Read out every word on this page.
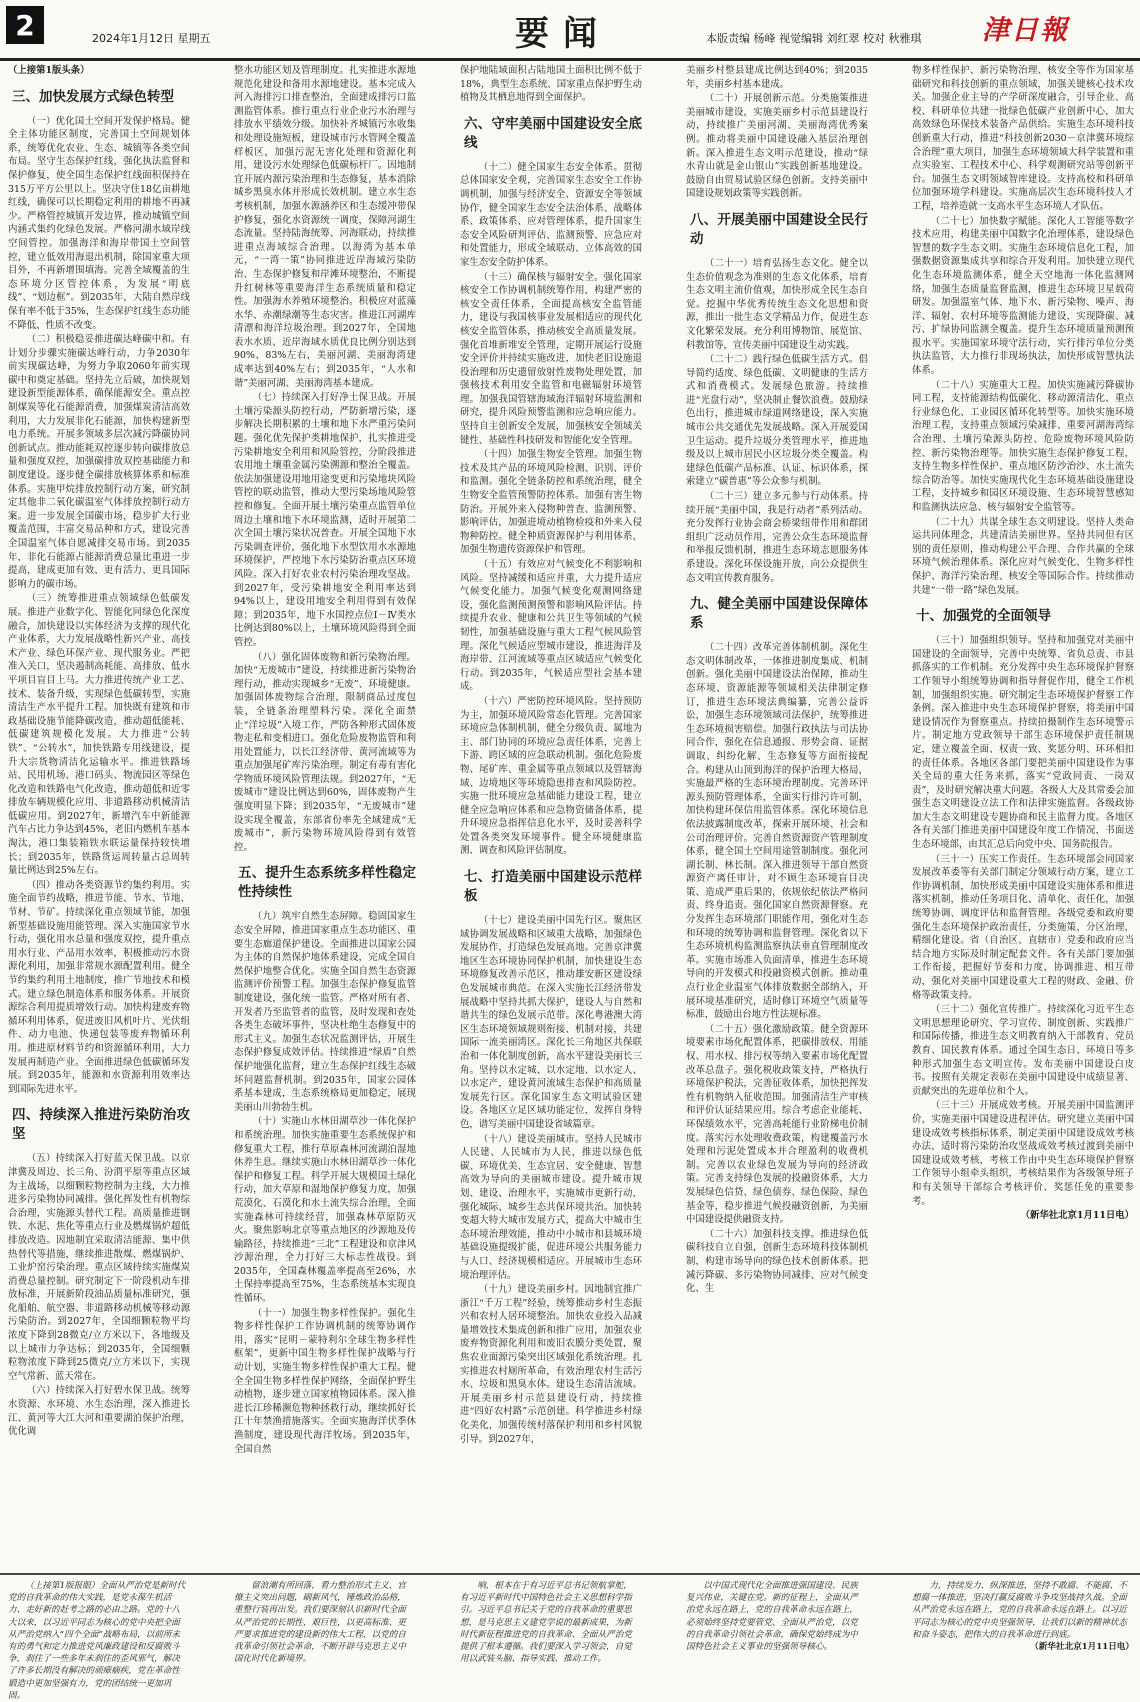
2	2024年1月12日 星期五	要闻	本版责编 杨峰 视觉编辑 刘红翠 校对 秋雅琪 津日報
（上接第1版头条）
三、加快发展方式绿色转型

（一）优化国土空间开发保护格局。健全主体功能区制度，完善国土空间规划体系，统筹优化农业、生态、城镇等各类空间布局。坚守生态保护红线，强化执法监督和保护修复，使全国生态保护红线面积保持在315万平方公里以上。坚决守住18亿亩耕地红线，确保可以长期稳定利用的耕地不再减少。严格管控城镇开发边界，推动城镇空间内涵式集约化绿色发展。严格河湖水域岸线空间管控。加强海洋和海岸带国土空间管控，建立低效用海退出机制，除国家重大项目外，不再新增围填海。完善全域覆盖的生态环境分区管控体系，为发展“明底线”、“划边框”。到2035年，大陆自然岸线保有率不低于35%，生态保护红线生态功能不降低、性质不改变。

（二）积极稳妥推进碳达峰碳中和。有计划分步骤实施碳达峰行动，力争2030年前实现碳达峰，为努力争取2060年前实现碳中和奠定基础。坚持先立后破，加快规划建设新型能源体系，确保能源安全。重点控制煤炭等化石能源消费，加强煤炭清洁高效利用，大力发展非化石能源，加快构建新型电力系统。开展多领域多层次减污降碳协同创新试点。推动能耗双控逐步转向碳排放总量和强度双控，加强碳排放双控基础能力和制度建设。逐步健全碳排放核算体系和标准体系。实施甲烷排放控制行动方案，研究制定其他非二氧化碳温室气体排放控制行动方案。进一步发展全国碳市场，稳步扩大行业覆盖范围，丰富交易品种和方式，建设完善全国温室气体自愿减排交易市场。到2035年，非化石能源占能源消费总量比重进一步提高，建成更加有效、更有活力、更具国际影响力的碳市场。

（三）统筹推进重点领域绿色低碳发展。推进产业数字化、智能化同绿色化深度融合，加快建设以实体经济为支撑的现代化产业体系，大力发展战略性新兴产业、高技术产业、绿色环保产业、现代服务业。严把准入关口，坚决遏制高耗能、高排放、低水平项目盲目上马。大力推进传统产业工艺、技术、装备升级，实现绿色低碳转型，实施清洁生产水平提升工程。加快既有建筑和市政基础设施节能降碳改造，推动超低能耗、低碳建筑规模化发展。大力推进“公转铁”、“公转水”，加快铁路专用线建设，提升大宗货物清洁化运输水平。推进铁路场站、民用机场、港口码头、物流园区等绿色化改造和铁路电气化改造，推动超低和近零排放车辆规模化应用、非道路移动机械清洁低碳应用。到2027年，新增汽车中新能源汽车占比力争达到45%，老旧内燃机车基本淘汰，港口集装箱铁水联运量保持较快增长；到2035年，铁路货运周转量占总周转量比例达到25%左右。

（四）推动各类资源节约集约利用。实施全面节约战略，推进节能、节水、节地、节材、节矿。持续深化重点领域节能，加强新型基础设施用能管理。深入实施国家节水行动，强化用水总量和强度双控，提升重点用水行业、产品用水效率，积极推动污水资源化利用，加强非常规水源配置利用。健全节约集约利用土地制度，推广节地技术和模式。建立绿色制造体系和服务体系。开展资源综合利用提质增效行动。加快构建废弃物循环利用体系，促进废旧风机叶片、光伏组件、动力电池、快递包装等废弃物循环利用。推进原材料节约和资源循环利用，大力发展再制造产业。全面推进绿色低碳循环发展。到2035年，能源和水资源利用效率达到国际先进水平。

四、持续深入推进污染防治攻坚

（五）持续深入打好蓝天保卫战。以京津冀及周边、长三角、汾渭平原等重点区域为主战场，以细颗粒物控制为主线，大力推进多污染物协同减排。强化挥发性有机物综合治理，实施源头替代工程。高质量推进钢铁、水泥、焦化等重点行业及燃煤锅炉超低排放改造。因地制宜采取清洁能源、集中供热替代等措施，继续推进散煤、燃煤锅炉、工业炉窑污染治理。重点区域持续实施煤炭消费总量控制。研究制定下一阶段机动车排放标准，开展新阶段油品质量标准研究，强化船舶、航空器、非道路移动机械等移动源污染防治。到2027年，全国细颗粒物平均浓度下降到28微克/立方米以下，各地级及以上城市力争达标；到2035年，全国细颗粒物浓度下降到25微克/立方米以下，实现空气常新、蓝天常在。

（六）持续深入打好碧水保卫战。统筹水资源、水环境、水生态治理，深入推进长江、黄河等大江大河和重要湖泊保护治理，优化调

整水功能区划及管理制度。扎实推进水源地规范化建设和备用水源地建设。基本完成入河入海排污口排查整治，全面建成排污口监测监管体系。推行重点行业企业污水治理与排放水平绩效分级。加快补齐城镇污水收集和处理设施短板，建设城市污水管网全覆盖样板区，加强污泥无害化处理和资源化利用，建设污水处理绿色低碳标杆厂。因地制宜开展内源污染治理和生态修复，基本消除城乡黑臭水体并形成长效机制。建立水生态考核机制，加强水源涵养区和生态缓冲带保护修复，强化水资源统一调度，保障河湖生态流量。坚持陆海统筹、河海联动，持续推进重点海域综合治理。以海湾为基本单元，“一湾一策”协同推进近岸海域污染防治、生态保护修复和岸滩环境整治，不断提升红树林等重要海洋生态系统质量和稳定性。加强海水养殖环境整治。积极应对蓝藻水华、赤潮绿潮等生态灾害。推进江河湖库清漂和海洋垃圾治理。到2027年，全国地表水水质、近岸海域水质优良比例分别达到90%、83%左右，美丽河湖、美丽海湾建成率达到40%左右；到2035年，“人水和谐”美丽河湖、美丽海湾基本建成。

（七）持续深入打好净土保卫战。开展土壤污染源头防控行动，严防新增污染，逐步解决长期积累的土壤和地下水严重污染问题。强化优先保护类耕地保护，扎实推进受污染耕地安全利用和风险管控，分阶段推进农用地土壤重金属污染溯源和整治全覆盖。依法加强建设用地用途变更和污染地块风险管控的联动监管，推动大型污染场地风险管控和修复。全面开展土壤污染重点监管单位周边土壤和地下水环境监测，适时开展第二次全国土壤污染状况普查。开展全国地下水污染调查评价，强化地下水型饮用水水源地环境保护，严控地下水污染防治重点区环境风险。深入打好农业农村污染治理攻坚战。到2027年，受污染耕地安全利用率达到94%以上，建设用地安全利用得到有效保障；到2035年，地下水国控点位Ⅰ－Ⅳ类水比例达到80%以上，土壤环境风险得到全面管控。

（八）强化固体废物和新污染物治理。加快“无废城市”建设，持续推进新污染物治理行动，推动实现城乡“无废”、环境健康。加强固体废物综合治理，限制商品过度包装，全链条治理塑料污染。深化全面禁止“洋垃圾”入境工作，严防各种形式固体废物走私和变相进口。强化危险废物监管和利用处置能力，以长江经济带、黄河流域等为重点加强尾矿库污染治理。制定有毒有害化学物质环境风险管理法规。到2027年，“无废城市”建设比例达到60%，固体废物产生强度明显下降；到2035年，“无废城市”建设实现全覆盖，东部省份率先全域建成“无废城市”，新污染物环境风险得到有效管控。

五、提升生态系统多样性稳定性持续性

（九）筑牢自然生态屏障。稳固国家生态安全屏障，推进国家重点生态功能区、重要生态廊道保护建设。全面推进以国家公园为主体的自然保护地体系建设，完成全国自然保护地整合优化。实施全国自然生态资源监测评价预警工程。加强生态保护修复监管制度建设，强化统一监管。严格对所有者、开发者乃至监管者的监管，及时发现和查处各类生态破坏事件，坚决杜绝生态修复中的形式主义。加强生态状况监测评估，开展生态保护修复成效评估。持续推进“绿盾”自然保护地强化监督，建立生态保护红线生态破坏问题监督机制。到2035年，国家公园体系基本建成，生态系统格局更加稳定，展现美丽山川勃勃生机。

（十）实施山水林田湖草沙一体化保护和系统治理。加快实施重要生态系统保护和修复重大工程，推行草原森林河流湖泊湿地休养生息。继续实施山水林田湖草沙一体化保护和修复工程。科学开展大规模国土绿化行动，加大草原和湿地保护修复力度，加强荒漠化、石漠化和水土流失综合治理，全面实施森林可持续经营，加强森林草原防灭火。聚焦影响北京等重点地区的沙源地及传输路径，持续推进“三北”工程建设和京津风沙源治理，全力打好三大标志性战役。到2035年，全国森林覆盖率提高至26%，水土保持率提高至75%，生态系统基本实现良性循环。

（十一）加强生物多样性保护。强化生物多样性保护工作协调机制的统筹协调作用，落实“昆明－蒙特利尔全球生物多样性框架”，更新中国生物多样性保护战略与行动计划，实施生物多样性保护重大工程。健全全国生物多样性保护网络，全面保护野生动植物，逐步建立国家植物园体系。深入推进长江珍稀濒危物种拯救行动，继续抓好长江十年禁渔措施落实。全面实施海洋伏季休渔制度，建设现代海洋牧场。到2035年，全国自然

保护地陆域面积占陆地国土面积比例不低于18%，典型生态系统、国家重点保护野生动植物及其栖息地得到全面保护。

六、守牢美丽中国建设安全底线

（十二）健全国家生态安全体系。贯彻总体国家安全观，完善国家生态安全工作协调机制，加强与经济安全、资源安全等领域协作，健全国家生态安全法治体系、战略体系、政策体系、应对管理体系，提升国家生态安全风险研判评估、监测预警、应急应对和处置能力，形成全域联动、立体高效的国家生态安全防护体系。

（十三）确保核与辐射安全。强化国家核安全工作协调机制统筹作用，构建严密的核安全责任体系，全面提高核安全监管能力，建设与我国核事业发展相适应的现代化核安全监管体系，推动核安全高质量发展。强化首堆新堆安全管理，定期开展运行设施安全评价并持续实施改进，加快老旧设施退役治理和历史遗留放射性废物处理处置，加强核技术利用安全监管和电磁辐射环境管理。加强我国管辖海域海洋辐射环境监测和研究，提升风险预警监测和应急响应能力。坚持自主创新安全发展，加强核安全领域关键性、基础性科技研发和智能化安全管理。

（十四）加强生物安全管理。加强生物技术及其产品的环境风险检测、识别、评价和监测。强化全链条防控和系统治理，健全生物安全监管预警防控体系。加强有害生物防治。开展外来入侵物种普查、监测预警、影响评估，加强进境动植物检疫和外来入侵物种防控。健全种质资源保护与利用体系，加强生物遗传资源保护和管理。

（十五）有效应对气候变化不利影响和风险。坚持减缓和适应并重，大力提升适应气候变化能力。加强气候变化观测网络建设，强化监测预测预警和影响风险评估。持续提升农业、健康和公共卫生等领域的气候韧性，加强基础设施与重大工程气候风险管理。深化气候适应型城市建设，推进海洋及海岸带、江河流域等重点区域适应气候变化行动。到2035年，气候适应型社会基本建成。

（十六）严密防控环境风险。坚持预防为主，加强环境风险常态化管理。完善国家环境应急体制机制，健全分级负责、属地为主、部门协同的环境应急责任体系，完善上下游、跨区域的应急联动机制。强化危险废物、尾矿库、重金属等重点领域以及管辖海域、边境地区等环境隐患排查和风险防控。实施一批环境应急基础能力建设工程，建立健全应急响应体系和应急物资储备体系，提升环境应急指挥信息化水平，及时妥善科学处置各类突发环境事件。健全环境健康监测、调查和风险评估制度。

七、打造美丽中国建设示范样板

（十七）建设美丽中国先行区。聚焦区域协调发展战略和区域重大战略，加强绿色发展协作，打造绿色发展高地。完善京津冀地区生态环境协同保护机制，加快建设生态环境修复改善示范区，推动雄安新区建设绿色发展城市典范。在深入实施长江经济带发展战略中坚持共抓大保护，建设人与自然和谐共生的绿色发展示范带。深化粤港澳大湾区生态环境领域规则衔接、机制对接，共建国际一流美丽湾区。深化长三角地区共保联治和一体化制度创新，高水平建设美丽长三角。坚持以水定城、以水定地、以水定人、以水定产，建设黄河流域生态保护和高质量发展先行区。深化国家生态文明试验区建设。各地区立足区域功能定位，发挥自身特色，谱写美丽中国建设省域篇章。

（十八）建设美丽城市。坚持人民城市人民建、人民城市为人民，推进以绿色低碳、环境优美、生态宜居、安全健康、智慧高效为导向的美丽城市建设。提升城市规划、建设、治理水平，实施城市更新行动，强化城际、城乡生态共保环境共治。加快转变超大特大城市发展方式，提高大中城市生态环境治理效能，推动中小城市和县城环境基础设施提级扩能，促进环境公共服务能力与人口、经济规模相适应。开展城市生态环境治理评估。

（十九）建设美丽乡村。因地制宜推广浙江“千万工程”经验，统筹推动乡村生态振兴和农村人居环境整治。加快农业投入品减量增效技术集成创新和推广应用，加强农业废弃物资源化利用和废旧农膜分类处置，聚焦农业面源污染突出区域强化系统治理。扎实推进农村厕所革命，有效治理农村生活污水、垃圾和黑臭水体。建设生态清洁流域。开展美丽乡村示范县建设行动，持续推进“四好农村路”示范创建。科学推进乡村绿化美化，加强传统村落保护利用和乡村风貌引导。到2027年，

美丽乡村整县建成比例达到40%；到2035年，美丽乡村基本建成。

（二十）开展创新示范。分类施策推进美丽城市建设，实施美丽乡村示范县建设行动，持续推广美丽河湖、美丽海湾优秀案例。推动将美丽中国建设融入基层治理创新。深入推进生态文明示范建设，推动“绿水青山就是金山银山”实践创新基地建设。鼓励自由贸易试验区绿色创新。支持美丽中国建设规划政策等实践创新。

八、开展美丽中国建设全民行动

（二十一）培育弘扬生态文化。健全以生态价值观念为准则的生态文化体系，培育生态文明主流价值观，加快形成全民生态自觉。挖掘中华优秀传统生态文化思想和资源，推出一批生态文学精品力作，促进生态文化繁荣发展。充分利用博物馆、展览馆、科教馆等，宣传美丽中国建设生动实践。

（二十二）践行绿色低碳生活方式。倡导简约适度、绿色低碳、文明健康的生活方式和消费模式。发展绿色旅游。持续推进“光盘行动”，坚决制止餐饮浪费。鼓励绿色出行，推进城市绿道网络建设，深入实施城市公共交通优先发展战略。深入开展爱国卫生运动。提升垃圾分类管理水平，推进地级及以上城市居民小区垃圾分类全覆盖。构建绿色低碳产品标准、认证、标识体系，探索建立“碳普惠”等公众参与机制。

（二十三）建立多元参与行动体系。持续开展“美丽中国，我是行动者”系列活动。充分发挥行业协会商会桥梁纽带作用和群团组织广泛动员作用，完善公众生态环境监督和举报反馈机制，推进生态环境志愿服务体系建设。深化环保设施开放，向公众提供生态文明宣传教育服务。

九、健全美丽中国建设保障体系

（二十四）改革完善体制机制。深化生态文明体制改革，一体推进制度集成、机制创新。强化美丽中国建设法治保障，推动生态环境、资源能源等领域相关法律制定修订，推进生态环境法典编纂，完善公益诉讼，加强生态环境领域司法保护，统筹推进生态环境损害赔偿。加强行政执法与司法协同合作，强化在信息通报、形势会商、证据调取、纠纷化解、生态修复等方面衔接配合。构建从山顶到海洋的保护治理大格局，实施最严格的生态环境治理制度。完善环评源头预防管理体系，全面实行排污许可制，加快构建环保信用监管体系。深化环境信息依法披露制度改革，探索开展环境、社会和公司治理评价。完善自然资源资产管理制度体系，健全国土空间用途管制制度。强化河湖长制、林长制。深入推进领导干部自然资源资产离任审计，对不顾生态环境盲目决策、造成严重后果的，依规依纪依法严格问责、终身追责。强化国家自然资源督察。充分发挥生态环境部门职能作用，强化对生态和环境的统筹协调和监督管理。深化省以下生态环境机构监测监察执法垂直管理制度改革。实施市场准入负面清单，推进生态环境导向的开发模式和投融资模式创新。推动重点行业企业温室气体排放数据全部纳入，开展环境基准研究，适时修订环境空气质量等标准，鼓励出台地方性法规标准。

（二十五）强化激励政策。健全资源环境要素市场化配置体系，把碳排放权、用能权、用水权、排污权等纳入要素市场化配置改革总盘子。强化税收政策支持，严格执行环境保护税法，完善征收体系，加快把挥发性有机物纳入征收范围。加强清洁生产审核和评价认证结果应用。综合考虑企业能耗、环保绩效水平，完善高耗能行业阶梯电价制度。落实污水处理收费政策，构建覆盖污水处理和污泥处置成本并合理盈利的收费机制。完善以农业绿色发展为导向的经济政策。完善支持绿色发展的投融资体系，大力发展绿色信贷、绿色债券、绿色保险、绿色基金等，稳步推进气候投融资创新，为美丽中国建设提供融资支持。

（二十六）加强科技支撑。推进绿色低碳科技自立自强，创新生态环境科技体制机制，构建市场导向的绿色技术创新体系。把减污降碳、多污染物协同减排、应对气候变化、生

物多样性保护、新污染物治理、核安全等作为国家基础研究和科技创新的重点领域，加强关键核心技术攻关。加强企业主导的产学研深度融合，引导企业、高校、科研单位共建一批绿色低碳产业创新中心，加大高效绿色环保技术装备产品供给。实施生态环境科技创新重大行动，推进“科技创新2030－京津冀环境综合治理”重大项目，加强生态环境领域大科学装置和重点实验室、工程技术中心、科学观测研究站等创新平台。加强生态文明领域智库建设。支持高校和科研单位加强环境学科建设。实施高层次生态环境科技人才工程，培养造就一支高水平生态环境人才队伍。

（二十七）加快数字赋能。深化人工智能等数字技术应用，构建美丽中国数字化治理体系，建设绿色智慧的数字生态文明。实施生态环境信息化工程，加强数据资源集成共享和综合开发利用。加快建立现代化生态环境监测体系，健全天空地海一体化监测网络，加强生态质量监督监测，推进生态环境卫星载荷研发。加强温室气体、地下水、新污染物、噪声、海洋、辐射、农村环境等监测能力建设，实现降碳、减污、扩绿协同监测全覆盖。提升生态环境质量预测预报水平。实施国家环境守法行动，实行排污单位分类执法监管，大力推行非现场执法，加快形成智慧执法体系。

（二十八）实施重大工程。加快实施减污降碳协同工程，支持能源结构低碳化、移动源清洁化、重点行业绿色化、工业园区循环化转型等。加快实施环境治理工程，支持重点领域污染减排、重要河湖海湾综合治理、土壤污染源头防控、危险废物环境风险防控、新污染物治理等。加快实施生态保护修复工程，支持生物多样性保护、重点地区防沙治沙、水土流失综合防治等。加快实施现代化生态环境基础设施建设工程，支持城乡和园区环境设施、生态环境智慧感知和监测执法应急、核与辐射安全监管等。

（二十九）共谋全球生态文明建设。坚持人类命运共同体理念，共建清洁美丽世界。坚持共同但有区别的责任原则，推动构建公平合理、合作共赢的全球环境气候治理体系。深化应对气候变化、生物多样性保护、海洋污染治理、核安全等国际合作。持续推动共建“一带一路”绿色发展。

十、加强党的全面领导

（三十）加强组织领导。坚持和加强党对美丽中国建设的全面领导，完善中央统筹、省负总责、市县抓落实的工作机制。充分发挥中央生态环境保护督察工作领导小组统筹协调和指导督促作用，健全工作机制，加强组织实施。研究制定生态环境保护督察工作条例。深入推进中央生态环境保护督察，将美丽中国建设情况作为督察重点。持续拍摄制作生态环境警示片。制定地方党政领导干部生态环境保护责任制规定，建立覆盖全面、权责一致、奖惩分明、环环相扣的责任体系。各地区各部门要把美丽中国建设作为事关全局的重大任务来抓，落实“党政同责、一岗双责”，及时研究解决重大问题。各级人大及其常委会加强生态文明建设立法工作和法律实施监督。各级政协加大生态文明建设专题协商和民主监督力度。各地区各有关部门推进美丽中国建设年度工作情况，书面送生态环境部，由其汇总后向党中央、国务院报告。

（三十一）压实工作责任。生态环境部会同国家发展改革委等有关部门制定分领域行动方案，建立工作协调机制，加快形成美丽中国建设实施体系和推进落实机制，推动任务项目化、清单化、责任化，加强统筹协调、调度评估和监督管理。各级党委和政府要强化生态环境保护政治责任，分类施策、分区治理，精细化建设。省（自治区、直辖市）党委和政府应当结合地方实际及时制定配套文件。各有关部门要加强工作衔接，把握好节奏和力度，协调推进、相互带动，强化对美丽中国建设重大工程的财政、金融、价格等政策支持。

（三十二）强化宣传推广。持续深化习近平生态文明思想理论研究、学习宣传、制度创新、实践推广和国际传播，推进生态文明教育纳入干部教育、党员教育、国民教育体系。通过全国生态日、环境日等多种形式加强生态文明宣传。发布美丽中国建设白皮书。按照有关规定表彰在美丽中国建设中成绩显著、贡献突出的先进单位和个人。

（三十三）开展成效考核。开展美丽中国监测评价，实施美丽中国建设进程评估。研究建立美丽中国建设成效考核指标体系，制定美丽中国建设成效考核办法，适时将污染防治攻坚战成效考核过渡到美丽中国建设成效考核，考核工作由中央生态环境保护督察工作领导小组牵头组织，考核结果作为各级领导班子和有关领导干部综合考核评价、奖惩任免的重要参考。

（新华社北京1月11日电）

（上接第1版报眼）全面从严治党是新时代党的自我革命的伟大实践，是党永葆生机活力、走好新的赶考之路的必由之路。党的十八大以来，以习近平同志为核心的党中央把全面从严治党纳入“四个全面”战略布局，以前所未有的勇气和定力推进党风廉政建设和反腐败斗争，刹住了一些多年未刹住的歪风邪气，解决了许多长期没有解决的顽瘴痼疾，党在革命性锻造中更加坚强有力，党的团结统一更加巩固。

留浪潮有所回落，看力整治形式主义、官僚主义突出问题，刷新风气，锤炼政治品格，重整行装再出发。我们要深刻认识新时代全面从严治党的长期性、艰巨性，以更高标准、更严要求推进党的建设新的伟大工程，以党的自我革命引领社会革命，不断开辟马克思主义中国化时代化新境界。

响，根本在于有习近平总书记领航掌舵，有习近平新时代中国特色社会主义思想科学指引。习近平总书记关于党的自我革命的重要思想，是马克思主义建党学说的最新成果，为新时代新征程推进党的自我革命、全面从严治党提供了根本遵循。我们要深入学习领会，自觉用以武装头脑、指导实践、推动工作。

以中国式现代化全面推进强国建设、民族复兴伟业，关键在党。新的征程上，全面从严治党永远在路上，党的自我革命永远在路上，必须始终坚持党要管党、全面从严治党，以党的自我革命引领社会革命，确保党始终成为中国特色社会主义事业的坚强领导核心。

力，持续发力、纵深推进，坚持不敢腐、不能腐、不想腐一体推进，坚决打赢反腐败斗争攻坚战持久战。全面从严治党永远在路上，党的自我革命永远在路上。以习近平同志为核心的党中央坚强领导，让我们以新的精神状态和奋斗姿态，把伟大的自我革命进行到底。

（新华社北京1月11日电）
